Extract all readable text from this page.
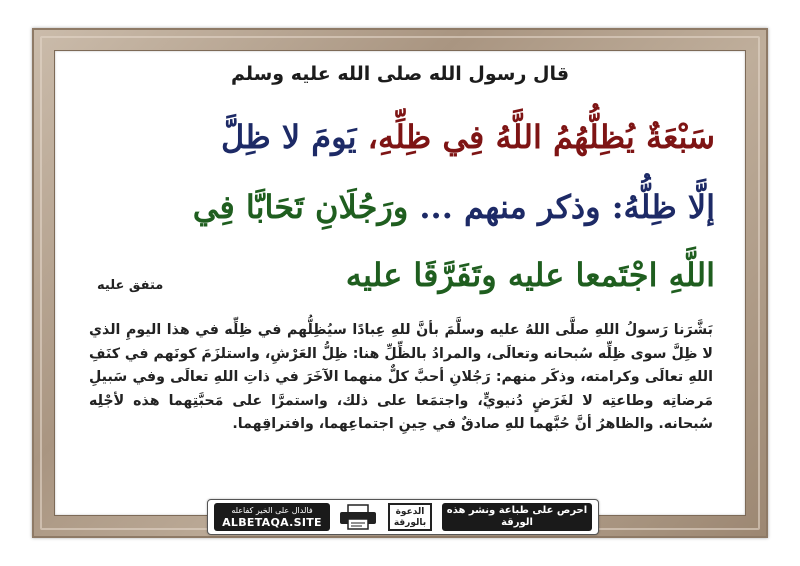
قال رسول الله صلى الله عليه وسلم
سَبْعَةٌ يُظِلُّهُمُ اللَّهُ فِي ظِلِّهِ، يَومَ لا ظِلَّ
إلَّا ظِلُّهُ: وذكر منهم ... ورَجُلَانِ تَحَابَّا فِي
اللَّهِ اجْتَمعا عليه وتَفَرَّقَا عليه
متفق عليه
بَشَّرَنا رَسولُ اللهِ صلَّى اللهُ عليه وسلَّمَ بأنَّ للهِ عِبادًا سيُظِلُّهم في ظِلِّه في هذا اليومِ الذي لا ظِلَّ سوى ظِلِّه سُبحانه وتعالَى، والمرادُ بالظِّلِّ هنا: ظِلُّ العَرْشِ، واستلزَمَ كونَهم في كنَفِ اللهِ تعالَى وكرامته، وذكَر منهم: رَجُلانِ أحبَّ كلٌّ منهما الآخَرَ في ذاتِ اللهِ تعالَى وفي سَبيلِ مَرضاتِه وطاعتِه لا لغَرَضٍ دُنيويٍّ، واجتمَعا على ذلك، واستمرَّا على مَحبَّتِهما هذه لأجْلِه سُبحانه. والظاهرُ أنَّ حُبَّهما للهِ صادقٌ في حِينِ اجتماعِهما، وافتراقِهما.
فالدال على الخير كفاعله
ALBETAQA.SITE
الدعوة بالورقة
احرص على طباعة ونشر هذه الورقة
